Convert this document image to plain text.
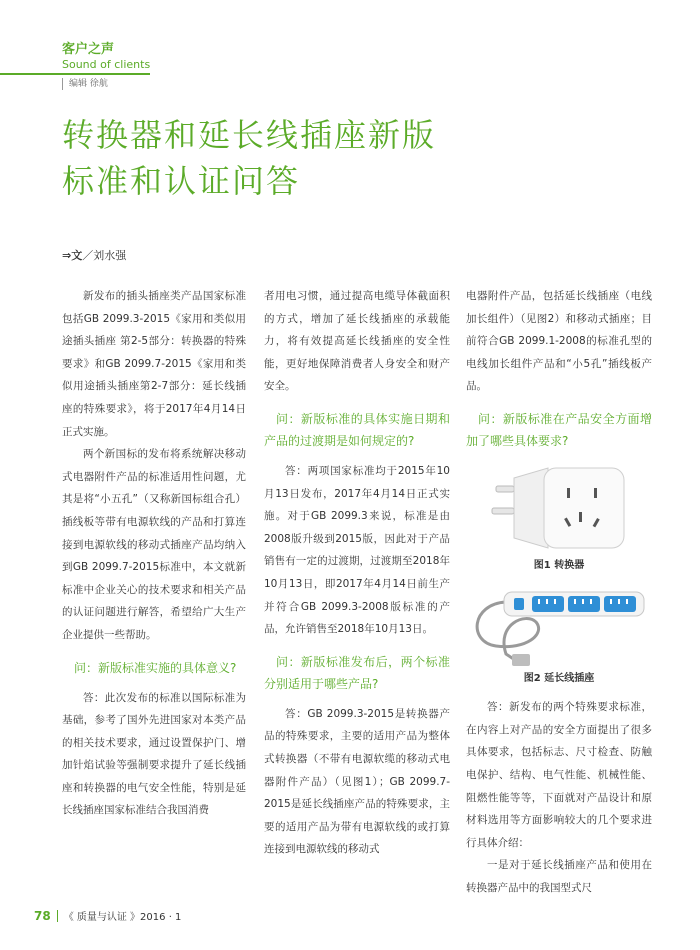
客户之声
Sound of clients
编辑 徐航
转换器和延长线插座新版
标准和认证问答
⇒文／刘水强

新发布的插头插座类产品国家标准包括GB 2099.3-2015《家用和类似用途插头插座 第2-5部分：转换器的特殊要求》和GB 2099.7-2015《家用和类似用途插头插座第2-7部分：延长线插座的特殊要求》，将于2017年4月14日正式实施。

两个新国标的发布将系统解决移动式电器附件产品的标准适用性问题，尤其是将“小五孔”（又称新国标组合孔）插线板等带有电源软线的产品和打算连接到电源软线的移动式插座产品均纳入到GB 2099.7-2015标准中，本文就新标准中企业关心的技术要求和相关产品的认证问题进行解答，希望给广大生产企业提供一些帮助。

问：新版标准实施的具体意义?

答：此次发布的标准以国际标准为基础，参考了国外先进国家对本类产品的相关技术要求，通过设置保护门、增加针焰试验等强制要求提升了延长线插座和转换器的电气安全性能，特别是延长线插座国家标准结合我国消费

者用电习惯，通过提高电缆导体截面积的方式，增加了延长线插座的承载能力，将有效提高延长线插座的安全性能，更好地保障消费者人身安全和财产安全。

问：新版标准的具体实施日期和产品的过渡期是如何规定的?

答：两项国家标准均于2015年10月13日发布，2017年4月14日正式实施。对于GB 2099.3来说，标准是由2008版升级到2015版，因此对于产品销售有一定的过渡期，过渡期至2018年10月13日，即2017年4月14日前生产并符合GB 2099.3-2008版标准的产品，允许销售至2018年10月13日。

问：新版标准发布后，两个标准分别适用于哪些产品?

答：GB 2099.3-2015是转换器产品的特殊要求，主要的适用产品为整体式转换器（不带有电源软缆的移动式电器附件产品）（见图1）；GB 2099.7-2015是延长线插座产品的特殊要求，主要的适用产品为带有电源软线的或打算连接到电源软线的移动式

电器附件产品，包括延长线插座（电线加长组件）（见图2）和移动式插座；目前符合GB 2099.1-2008的标准孔型的电线加长组件产品和“小5孔”插线板产品。

问：新版标准在产品安全方面增加了哪些具体要求?

图1 转换器
图2 延长线插座

答：新发布的两个特殊要求标准，在内容上对产品的安全方面提出了很多具体要求，包括标志、尺寸检查、防触电保护、结构、电气性能、机械性能、阻燃性能等等，下面就对产品设计和原材料选用等方面影响较大的几个要求进行具体介绍：

一是对于延长线插座产品和使用在转换器产品中的我国型式尺

78 《 质量与认证 》2016 · 1
